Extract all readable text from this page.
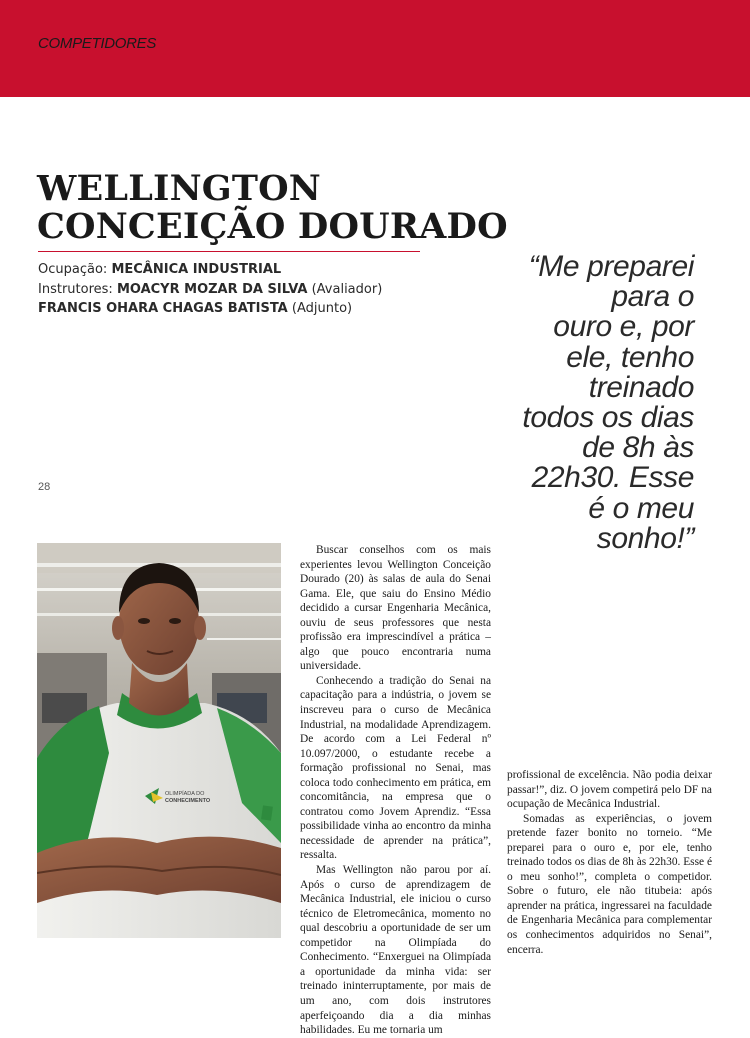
COMPETIDORES
WELLINGTON
CONCEIÇÃO DOURADO
Ocupação: MECÂNICA INDUSTRIAL
Instrutores: MOACYR MOZAR DA SILVA (Avaliador)
FRANCIS OHARA CHAGAS BATISTA (Adjunto)
28
“Me preparei
para o
ouro e, por
ele, tenho
treinado
todos os dias
de 8h às
22h30. Esse
é o meu
sonho!”
OLIMPÍADA DO
CONHECIMENTO

Buscar conselhos com os mais experientes levou Wellington Conceição Dourado (20) às salas de aula do Senai Gama. Ele, que saiu do Ensino Médio decidido a cursar Engenharia Mecânica, ouviu de seus professores que nesta profissão era imprescindível a prática – algo que pouco encontraria numa universidade.

Conhecendo a tradição do Senai na capacitação para a indústria, o jovem se inscreveu para o curso de Mecânica Industrial, na modalidade Aprendizagem. De acordo com a Lei Federal nº 10.097/2000, o estudante recebe a formação profissional no Senai, mas coloca todo conhecimento em prática, em concomitância, na empresa que o contratou como Jovem Aprendiz. “Essa possibilidade vinha ao encontro da minha necessidade de aprender na prática”, ressalta.

Mas Wellington não parou por aí. Após o curso de aprendizagem de Mecânica Industrial, ele iniciou o curso técnico de Eletromecânica, momento no qual descobriu a oportunidade de ser um competidor na Olimpíada do Conhecimento. “Enxerguei na Olimpíada a oportunidade da minha vida: ser treinado ininterruptamente, por mais de um ano, com dois instrutores aperfeiçoando dia a dia minhas habilidades. Eu me tornaria um

profissional de excelência. Não podia deixar passar!”, diz. O jovem competirá pelo DF na ocupação de Mecânica Industrial.

Somadas as experiências, o jovem pretende fazer bonito no torneio. “Me preparei para o ouro e, por ele, tenho treinado todos os dias de 8h às 22h30. Esse é o meu sonho!”, completa o competidor. Sobre o futuro, ele não titubeia: após aprender na prática, ingressarei na faculdade de Engenharia Mecânica para complementar os conhecimentos adquiridos no Senai”, encerra.
